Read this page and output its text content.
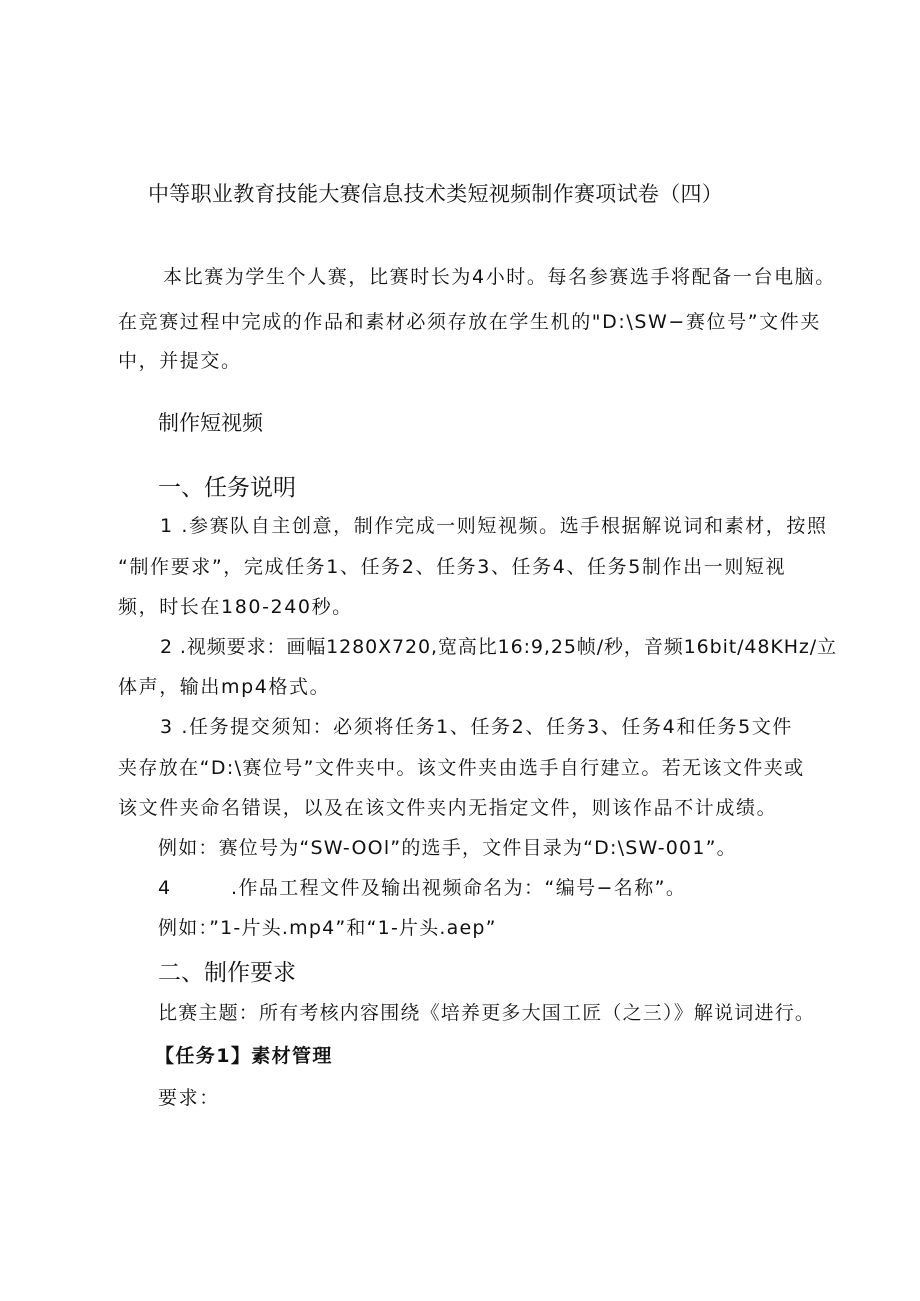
中等职业教育技能大赛信息技术类短视频制作赛项试卷（四）
本比赛为学生个人赛，比赛时长为4小时。每名参赛选手将配备一台电脑。
在竞赛过程中完成的作品和素材必须存放在学生机的"D:\SW−赛位号”文件夹
中，并提交。
制作短视频
一、任务说明
1 .参赛队自主创意，制作完成一则短视频。选手根据解说词和素材，按照
“制作要求”，完成任务1、任务2、任务3、任务4、任务5制作出一则短视
频，时长在180-240秒。
2 .视频要求：画幅1280X720,宽高比16:9,25帧/秒，音频16bit/48KHz/立
体声，输出mp4格式。
3 .任务提交须知：必须将任务1、任务2、任务3、任务4和任务5文件
夹存放在“D:\赛位号”文件夹中。该文件夹由选手自行建立。若无该文件夹或
该文件夹命名错误，以及在该文件夹内无指定文件，则该作品不计成绩。
例如：赛位号为“SW-OOl”的选手，文件目录为“D:\SW-001”。
4        .作品工程文件及输出视频命名为：“编号−名称”。
例如：”1-片头.mp4”和“1-片头.aep”
二、制作要求
比赛主题：所有考核内容围绕《培养更多大国工匠（之三）》解说词进行。
【任务1】素材管理
要求：
